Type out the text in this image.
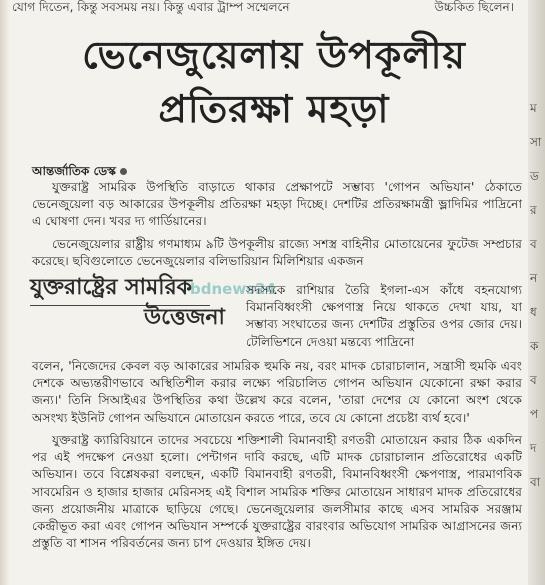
যোগ দিতেন, কিন্তু সবসময় নয়। কিন্তু এবার ট্রাম্প সম্মেলনে	উচ্চকিত ছিলেন।
ভেনেজুয়েলায় উপকূলীয়
প্রতিরক্ষা মহড়া
আন্তর্জাতিক ডেস্ক
যুক্তরাষ্ট্র সামরিক উপস্থিতি বাড়াতে থাকার প্রেক্ষাপটে সম্ভাব্য 'গোপন অভিযান' ঠেকাতে ভেনেজুয়েলা বড় আকারের উপকূলীয় প্রতিরক্ষা মহড়া দিচ্ছে। দেশটির প্রতিরক্ষামন্ত্রী ভ্লাদিমির পাদ্রিনো এ ঘোষণা দেন। খবর দ্য গার্ডিয়ানের।
ভেনেজুয়েলার রাষ্ট্রীয় গণমাধ্যম ৯টি উপকূলীয় রাজ্যে সশস্ত্র বাহিনীর মোতায়েনের ফুটেজ সম্প্রচার করেছে। ছবিগুলোতে ভেনেজুয়েলার বলিভারিয়ান মিলিশিয়ার একজন
যুক্তরাষ্ট্রের সামরিক
উত্তেজনা
bdnews24
সদস্যকে রাশিয়ার তৈরি ইগলা-এস কাঁধে বহনযোগ্য বিমানবিধ্বংসী ক্ষেপণাস্ত্র নিয়ে থাকতে দেখা যায়, যা সম্ভাব্য সংঘাতের জন্য দেশটির প্রস্তুতির ওপর জোর দেয়। টেলিভিশনে দেওয়া মন্তব্যে পাদ্রিনো
বলেন, 'নিজেদের কেবল বড় আকারের সামরিক হুমকি নয়, বরং মাদক চোরাচালান, সন্ত্রাসী হুমকি এবং দেশকে অভ্যন্তরীণভাবে অস্থিতিশীল করার লক্ষ্যে পরিচালিত গোপন অভিযান যেকোনো রক্ষা করার জন্য।' তিনি সিআইএর উপস্থিতির কথা উল্লেখ করে বলেন, 'তারা দেশের যে কোনো অংশ থেকে অসংখ্য ইউনিট গোপন অভিযানে মোতায়েন করতে পারে, তবে যে কোনো প্রচেষ্টা ব্যর্থ হবে।'
যুক্তরাষ্ট্র ক্যারিবিয়ানে তাদের সবচেয়ে শক্তিশালী বিমানবাহী রণতরী মোতায়েন করার ঠিক একদিন পর এই পদক্ষেপ নেওয়া হলো। পেন্টাগন দাবি করছে, এটি মাদক চোরাচালান প্রতিরোধের একটি অভিযান। তবে বিশ্লেষকরা বলছেন, একটি বিমানবাহী রণতরী, বিমানবিধ্বংসী ক্ষেপণাস্ত্র, পারমাণবিক সাবমেরিন ও হাজার হাজার মেরিনসহ এই বিশাল সামরিক শক্তির মোতায়েন সাধারণ মাদক প্রতিরোধের জন্য প্রয়োজনীয় মাত্রাকে ছাড়িয়ে গেছে। ভেনেজুয়েলার জলসীমার কাছে এসব সামরিক সরঞ্জাম কেন্দ্রীভূত করা এবং গোপন অভিযান সম্পর্কে যুক্তরাষ্ট্রের বারংবার অভিযোগ সামরিক আগ্রাসনের জন্য প্রস্তুতি বা শাসন পরিবর্তনের জন্য চাপ দেওয়ার ইঙ্গিত দেয়।
ম
সা
ড
র
ব
ন
ধ
ক
ব
প
দ
বা
